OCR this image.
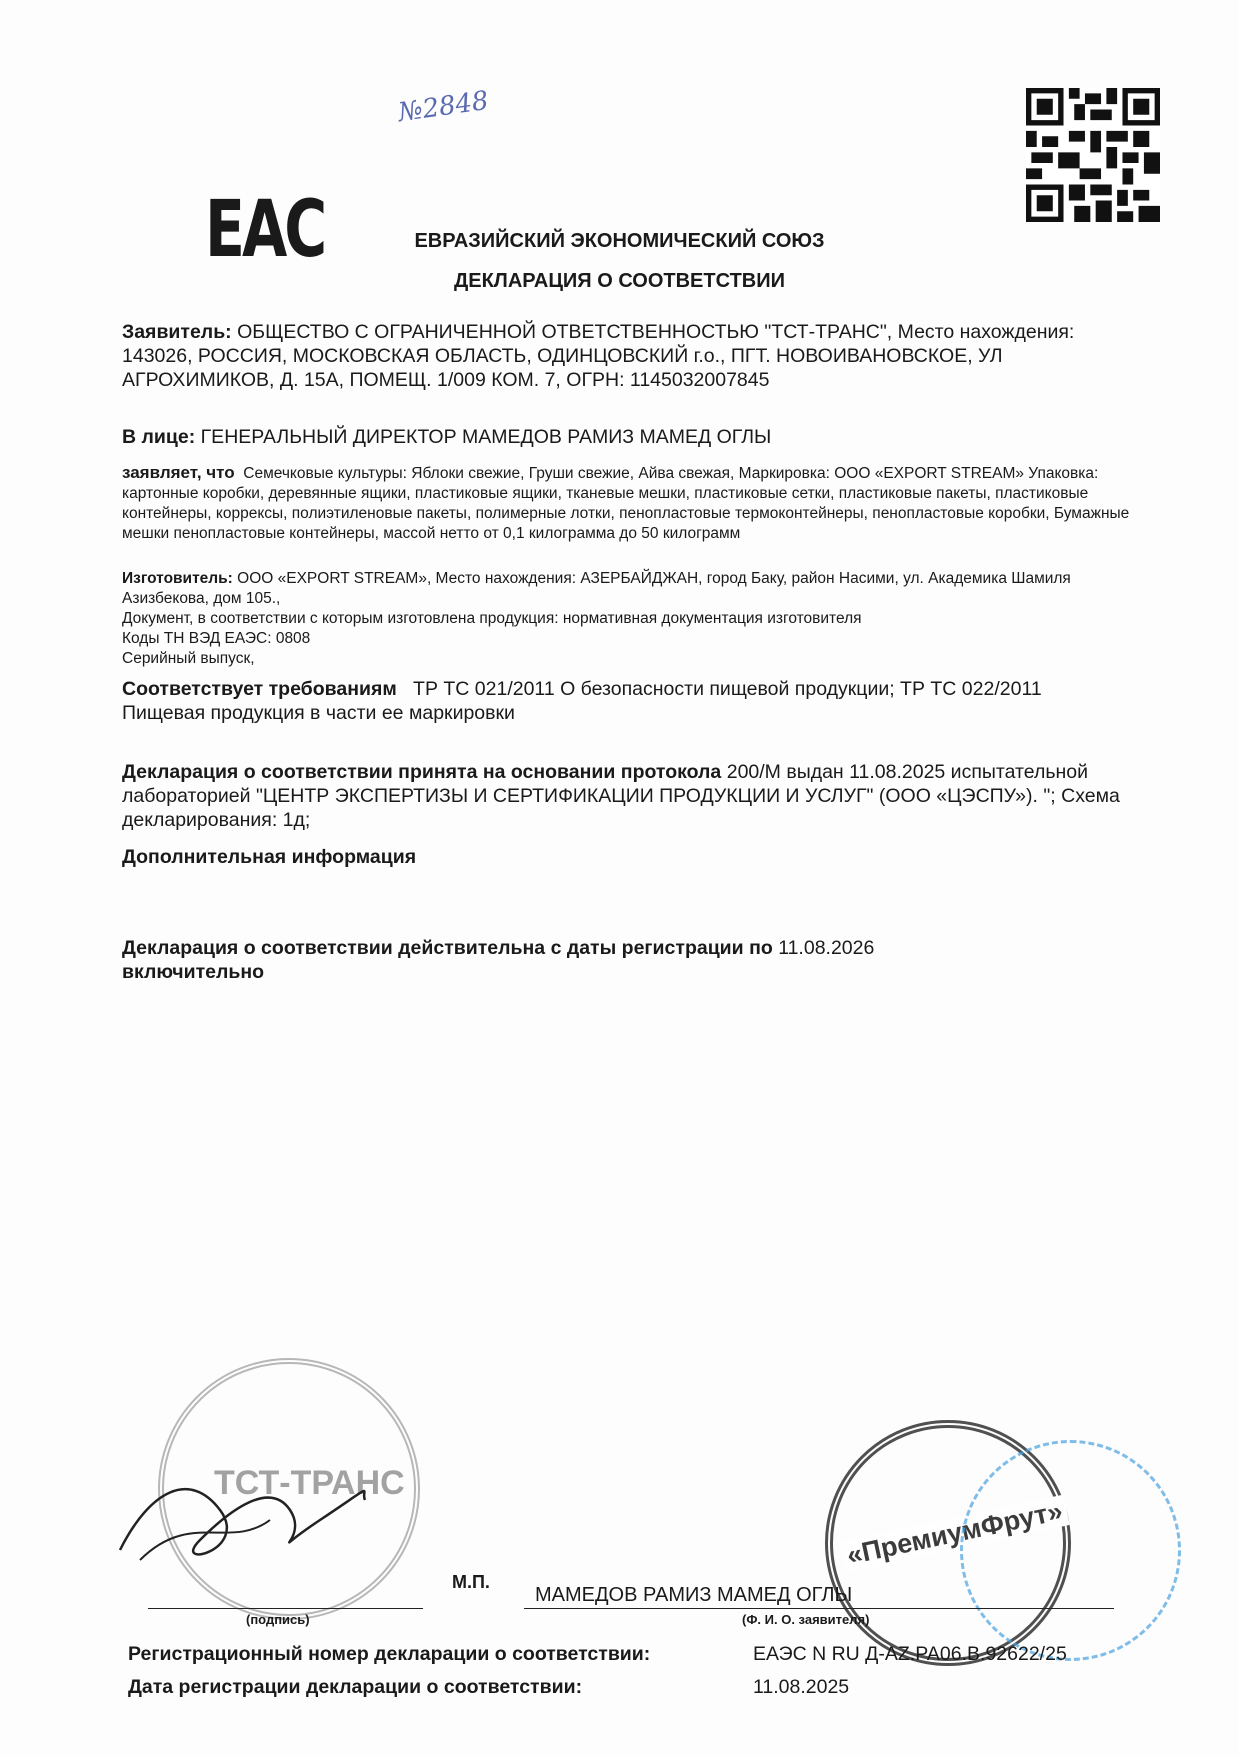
№2848
ЕАС	ЕВРАЗИЙСКИЙ ЭКОНОМИЧЕСКИЙ СОЮЗ
ДЕКЛАРАЦИЯ О СООТВЕТСТВИИ
Заявитель: ОБЩЕСТВО С ОГРАНИЧЕННОЙ ОТВЕТСТВЕННОСТЬЮ "ТСТ-ТРАНС", Место нахождения: 143026, РОССИЯ, МОСКОВСКАЯ ОБЛАСТЬ, ОДИНЦОВСКИЙ г.о., ПГТ. НОВОИВАНОВСКОЕ, УЛ АГРОХИМИКОВ, Д. 15А, ПОМЕЩ. 1/009 КОМ. 7, ОГРН: 1145032007845
В лице: ГЕНЕРАЛЬНЫЙ ДИРЕКТОР МАМЕДОВ РАМИЗ МАМЕД ОГЛЫ
заявляет, что Семечковые культуры: Яблоки свежие, Груши свежие, Айва свежая, Маркировка: ООО «EXPORT STREAM» Упаковка: картонные коробки, деревянные ящики, пластиковые ящики, тканевые мешки, пластиковые сетки, пластиковые пакеты, пластиковые контейнеры, коррексы, полиэтиленовые пакеты, полимерные лотки, пенопластовые термоконтейнеры, пенопластовые коробки, Бумажные мешки пенопластовые контейнеры, массой нетто от 0,1 килограмма до 50 килограмм
Изготовитель: ООО «EXPORT STREAM», Место нахождения: АЗЕРБАЙДЖАН, город Баку, район Насими, ул. Академика Шамиля Азизбекова, дом 105.,
Документ, в соответствии с которым изготовлена продукция: нормативная документация изготовителя
Коды ТН ВЭД ЕАЭС: 0808
Серийный выпуск,
Соответствует требованиям ТР ТС 021/2011 О безопасности пищевой продукции; ТР ТС 022/2011 Пищевая продукция в части ее маркировки
Декларация о соответствии принята на основании протокола 200/М выдан 11.08.2025 испытательной лабораторией "ЦЕНТР ЭКСПЕРТИЗЫ И СЕРТИФИКАЦИИ ПРОДУКЦИИ И УСЛУГ" (ООО «ЦЭСПУ»). "; Схема декларирования: 1д;
Дополнительная информация
Декларация о соответствии действительна с даты регистрации по 11.08.2026
включительно
ТСТ-ТРАНС
«ПремиумФрут»
(подпись)
М.П.
МАМЕДОВ РАМИЗ МАМЕД ОГЛЫ
(Ф. И. О. заявителя)
Регистрационный номер декларации о соответствии:	ЕАЭС N RU Д-AZ.РА06.В.92622/25
Дата регистрации декларации о соответствии:	11.08.2025
